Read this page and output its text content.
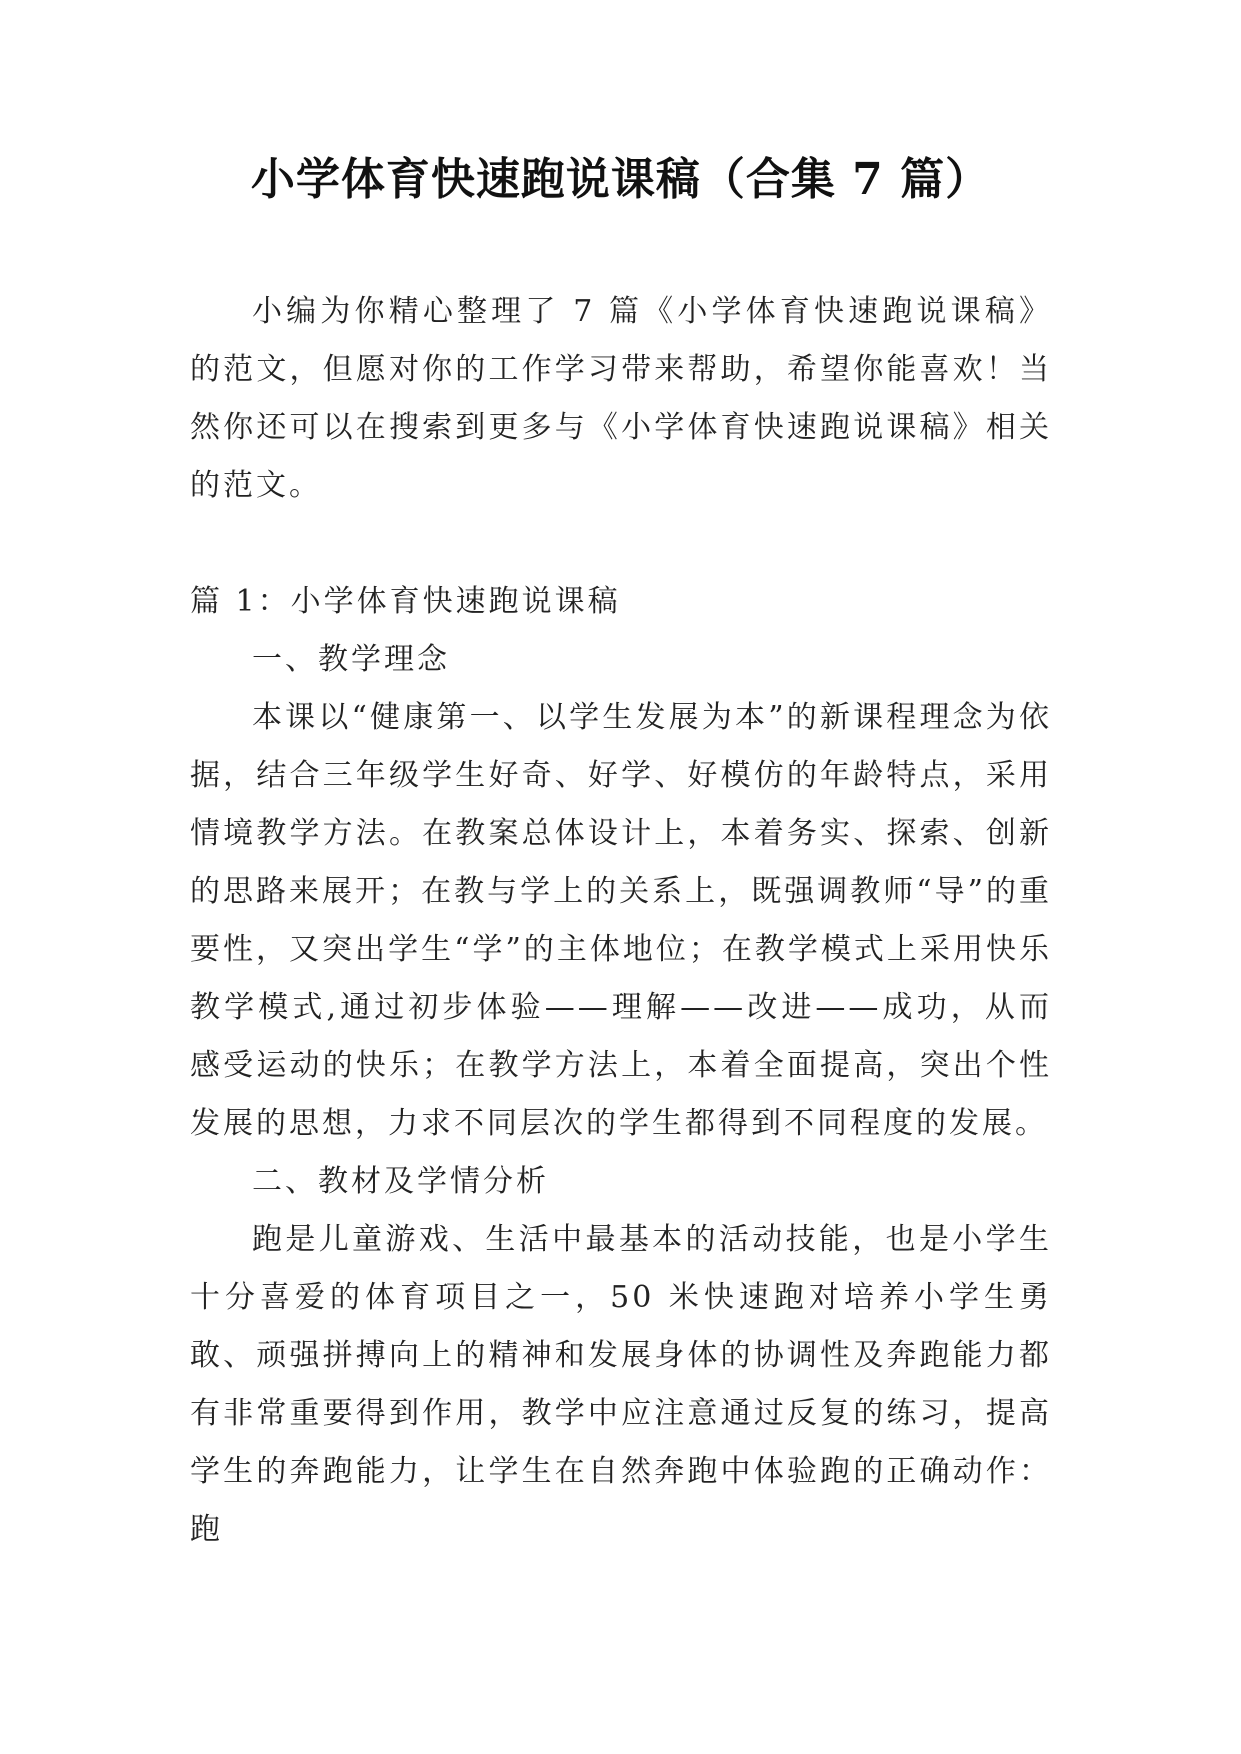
小学体育快速跑说课稿（合集 7 篇）

小编为你精心整理了 7 篇《小学体育快速跑说课稿》的范文，但愿对你的工作学习带来帮助，希望你能喜欢！当然你还可以在搜索到更多与《小学体育快速跑说课稿》相关的范文。

篇 1：小学体育快速跑说课稿

一、教学理念

本课以“健康第一、以学生发展为本”的新课程理念为依据，结合三年级学生好奇、好学、好模仿的年龄特点，采用情境教学方法。在教案总体设计上，本着务实、探索、创新的思路来展开；在教与学上的关系上，既强调教师“导”的重要性，又突出学生“学”的主体地位；在教学模式上采用快乐教学模式,通过初步体验——理解——改进——成功，从而感受运动的快乐；在教学方法上，本着全面提高，突出个性发展的思想，力求不同层次的学生都得到不同程度的发展。

二、教材及学情分析

跑是儿童游戏、生活中最基本的活动技能，也是小学生十分喜爱的体育项目之一，50 米快速跑对培养小学生勇敢、顽强拼搏向上的精神和发展身体的协调性及奔跑能力都有非常重要得到作用，教学中应注意通过反复的练习，提高学生的奔跑能力，让学生在自然奔跑中体验跑的正确动作：跑
